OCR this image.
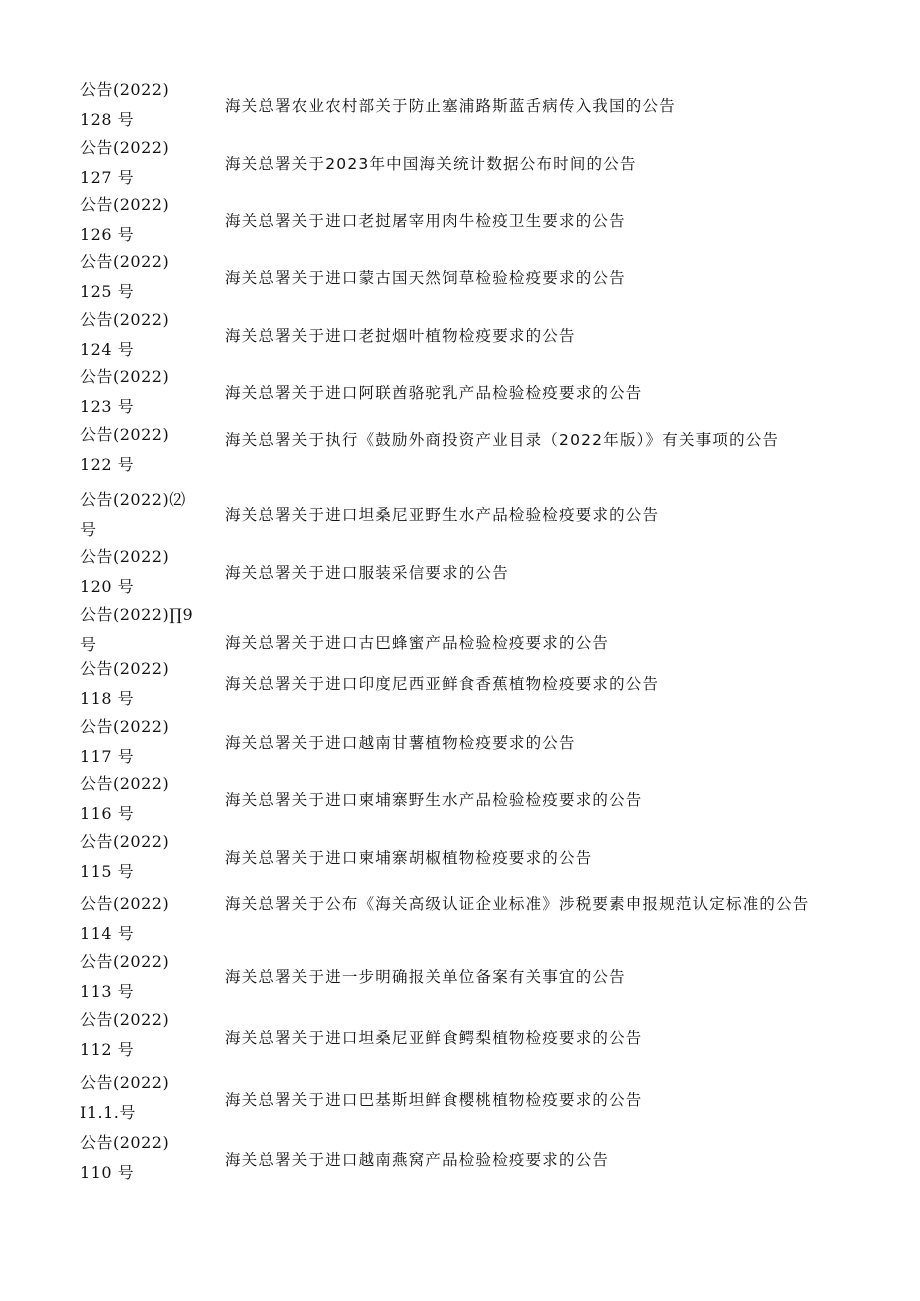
公告(2022)
128 号
海关总署农业农村部关于防止塞浦路斯蓝舌病传入我国的公告
公告(2022)
127 号
海关总署关于2023年中国海关统计数据公布时间的公告
公告(2022)
126 号
海关总署关于进口老挝屠宰用肉牛检疫卫生要求的公告
公告(2022)
125 号
海关总署关于进口蒙古国天然饲草检验检疫要求的公告
公告(2022)
124 号
海关总署关于进口老挝烟叶植物检疫要求的公告
公告(2022)
123 号
海关总署关于进口阿联酋骆驼乳产品检验检疫要求的公告
公告(2022)
122 号
海关总署关于执行《鼓励外商投资产业目录（2022年版）》有关事项的公告
公告(2022)⑵
号
海关总署关于进口坦桑尼亚野生水产品检验检疫要求的公告
公告(2022)
120 号
海关总署关于进口服装采信要求的公告
公告(2022)∏9
号	海关总署关于进口古巴蜂蜜产品检验检疫要求的公告
公告(2022)
118 号
海关总署关于进口印度尼西亚鲜食香蕉植物检疫要求的公告
公告(2022)
117 号
海关总署关于进口越南甘薯植物检疫要求的公告
公告(2022)
116 号
海关总署关于进口柬埔寨野生水产品检验检疫要求的公告
公告(2022)
115 号
海关总署关于进口柬埔寨胡椒植物检疫要求的公告
公告(2022)
114 号
海关总署关于公布《海关高级认证企业标准》涉税要素申报规范认定标准的公告
公告(2022)
113 号
海关总署关于进一步明确报关单位备案有关事宜的公告
公告(2022)
112 号
海关总署关于进口坦桑尼亚鲜食鳄梨植物检疫要求的公告
公告(2022)
I1.1.号
海关总署关于进口巴基斯坦鲜食樱桃植物检疫要求的公告
公告(2022)
110 号
海关总署关于进口越南燕窝产品检验检疫要求的公告
